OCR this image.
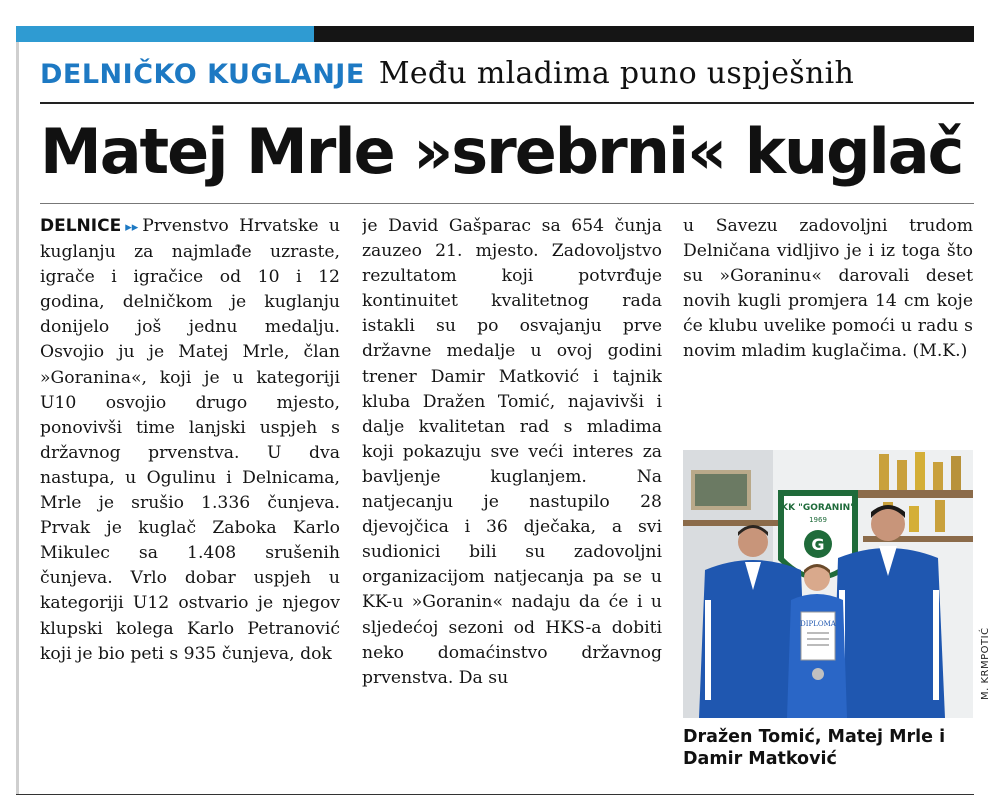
DELNIČKO KUGLANJE Među mladima puno uspješnih
Matej Mrle »srebrni« kuglač
DELNICE ▸▸ Prvenstvo Hrvatske u kuglanju za najmlađe uzraste, igrače i igračice od 10 i 12 godina, delničkom je kuglanju donijelo još jednu medalju. Osvojio ju je Matej Mrle, član »Goranina«, koji je u kategoriji U10 osvojio drugo mjesto, ponovivši time lanjski uspjeh s državnog prvenstva. U dva nastupa, u Ogulinu i Delnicama, Mrle je srušio 1.336 čunjeva. Prvak je kuglač Zaboka Karlo Mikulec sa 1.408 srušenih čunjeva. Vrlo dobar uspjeh u kategoriji U12 ostvario je njegov klupski kolega Karlo Petranović koji je bio peti s 935 čunjeva, dok
je David Gašparac sa 654 čunja zauzeo 21. mjesto. Zadovoljstvo rezultatom koji potvrđuje kontinuitet kvalitetnog rada istakli su po osvajanju prve državne medalje u ovoj godini trener Damir Matković i tajnik kluba Dražen Tomić, najavivši i dalje kvalitetan rad s mladima koji pokazuju sve veći interes za bavljenje kuglanjem. Na natjecanju je nastupilo 28 djevojčica i 36 dječaka, a svi sudionici bili su zadovoljni organizacijom natjecanja pa se u KK-u »Goranin« nadaju da će i u sljedećoj sezoni od HKS-a dobiti neko domaćinstvo državnog prvenstva. Da su
u Savezu zadovoljni trudom Delničana vidljivo je i iz toga što su »Goraninu« darovali deset novih kugli promjera 14 cm koje će klubu uvelike pomoći u radu s novim mladim kuglačima. (M.K.)
KK "GORANIN"
1969
G
DIPLOMA
M. KRMPOTIĆ
Dražen Tomić, Matej Mrle i Damir Matković
